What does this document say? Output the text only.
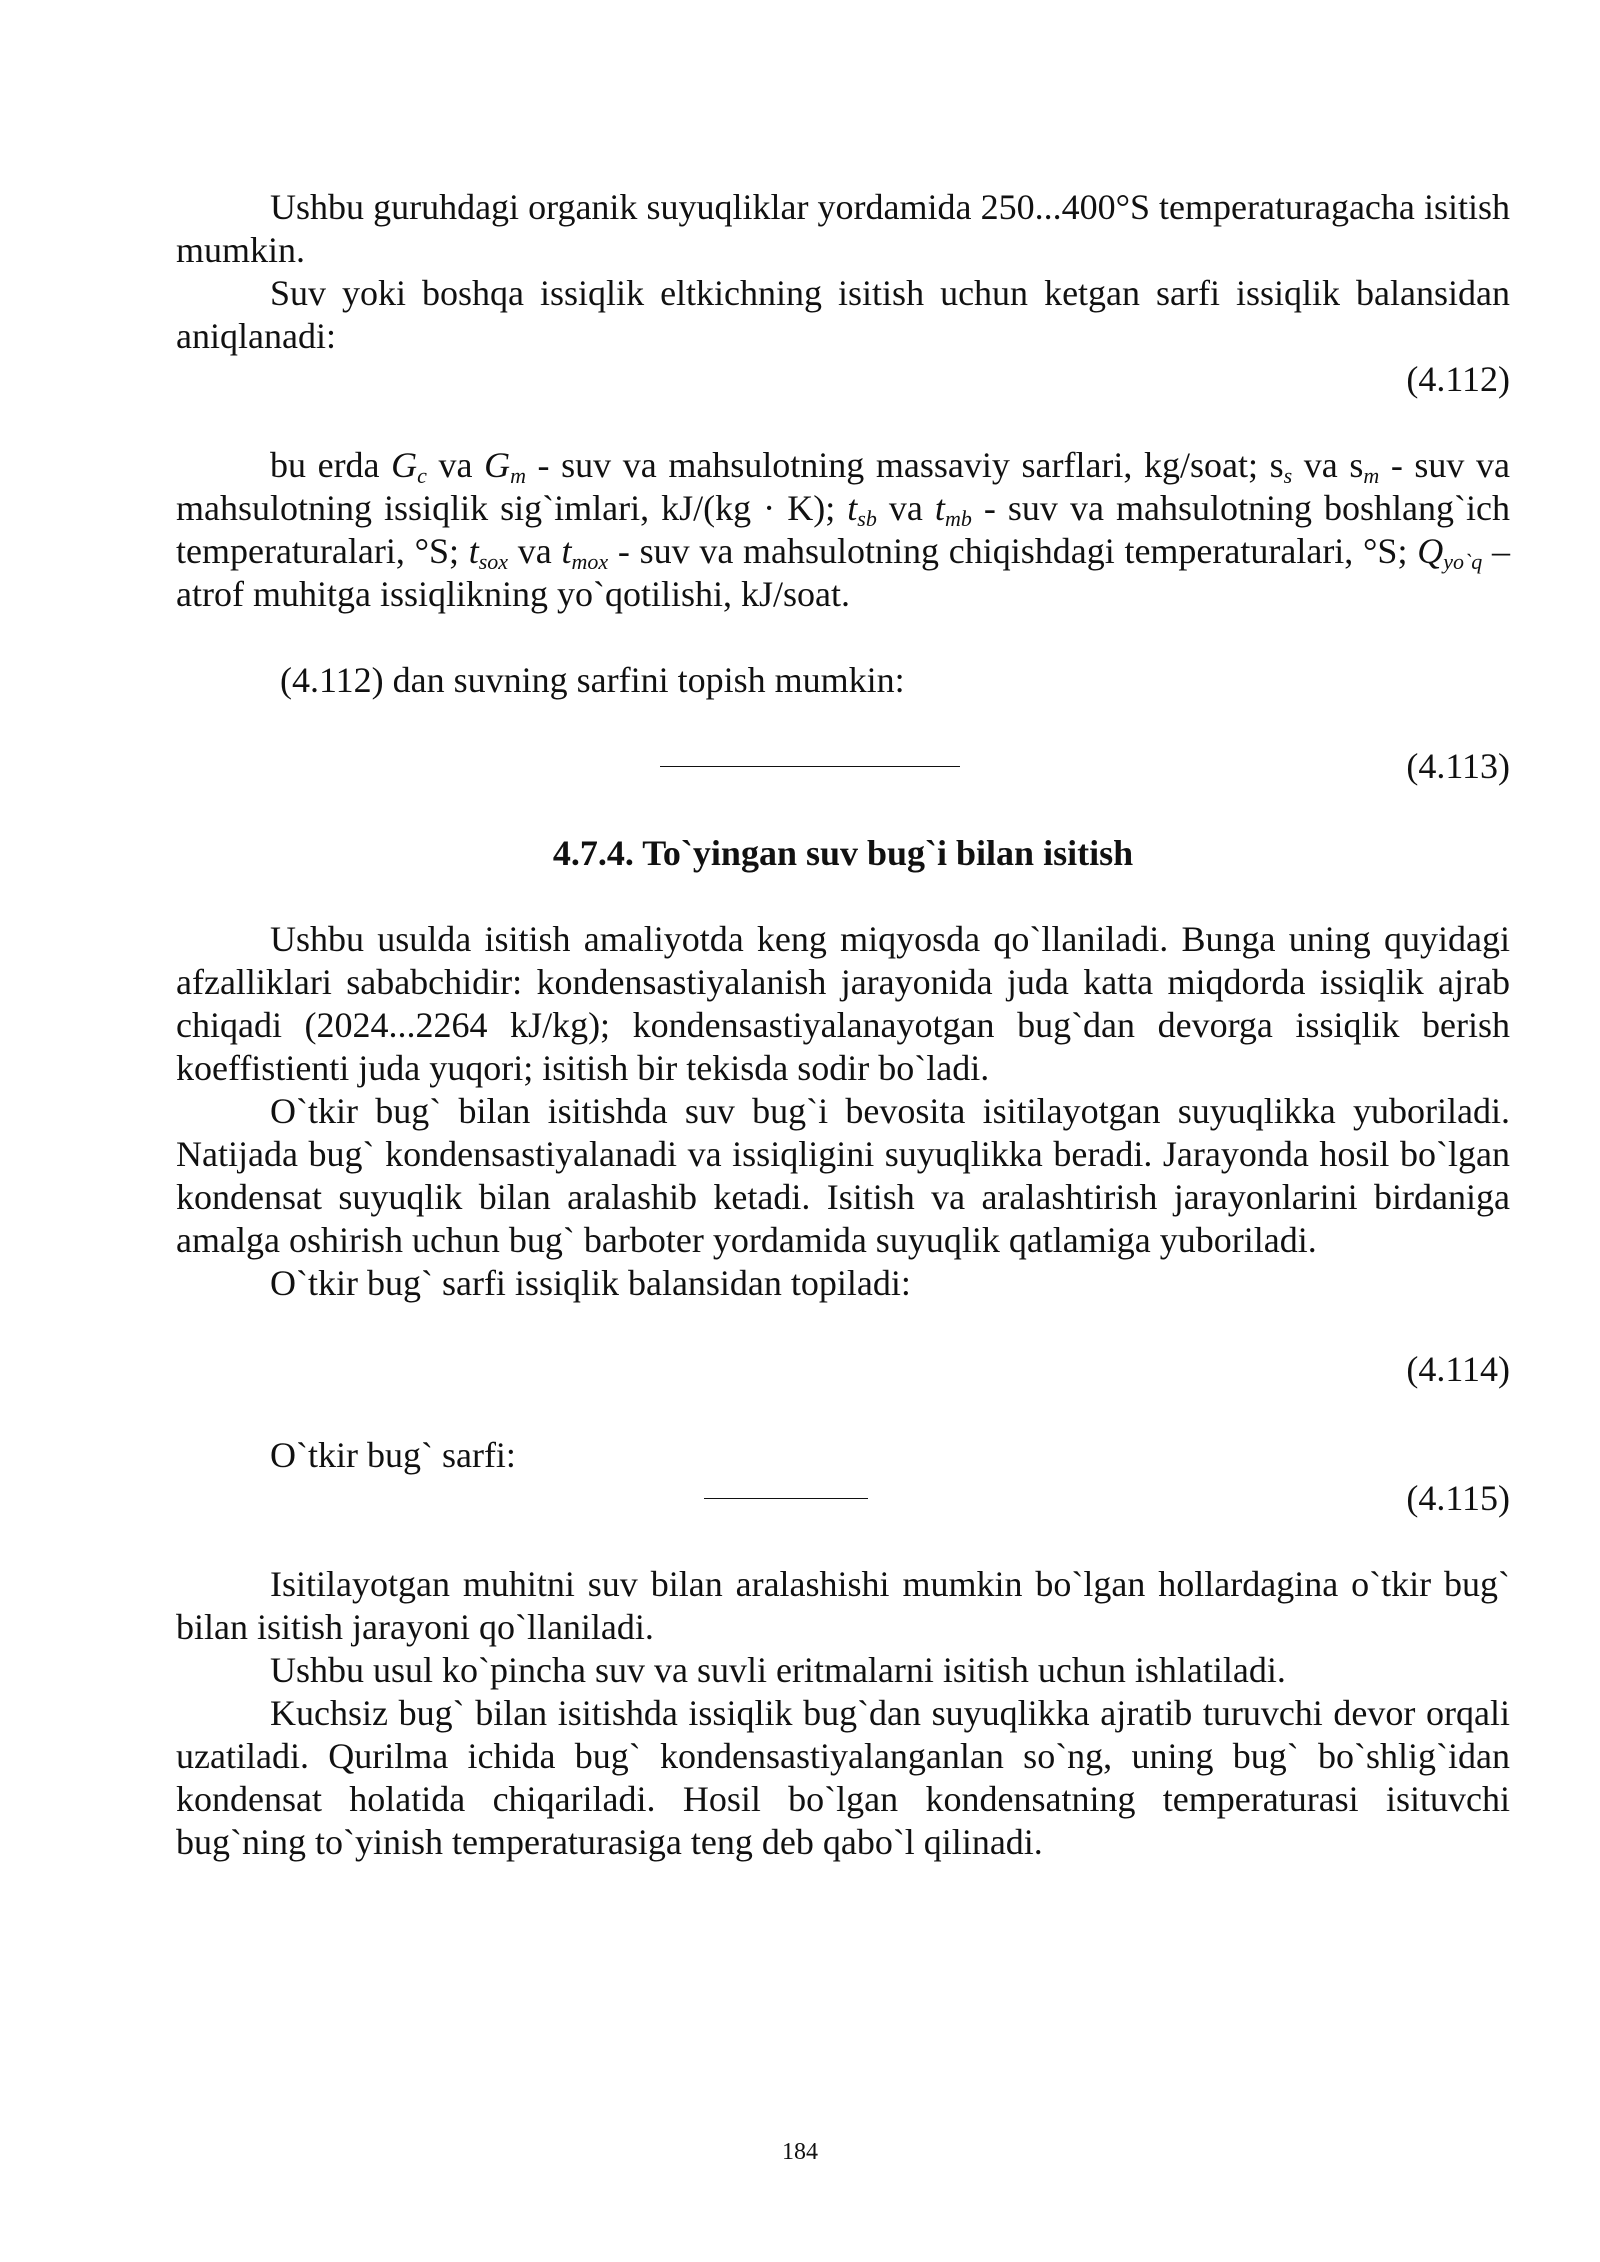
Ushbu guruhdagi organik suyuqliklar yordamida 250...400°S temperaturagacha isitish mumkin.

Suv yoki boshqa issiqlik eltkichning isitish uchun ketgan sarfi issiqlik balansidan aniqlanadi:

(4.112)

bu erda $G_c$ va $G_m$ - suv va mahsulotning massaviy sarflari, kg/soat; $s_s$ va $s_m$ - suv va mahsulotning issiqlik sig`imlari, kJ/(kg · K); $t_{sb}$ va $t_{mb}$ - suv va mahsulotning boshlang`ich temperaturalari, °S; $t_{sox}$ va $t_{mox}$ - suv va mahsulotning chiqishdagi temperaturalari, °S; $Q_{yo`q}$ – atrof muhitga issiqlikning yo`qotilishi, kJ/soat.

(4.112) dan suvning sarfini topish mumkin:

(4.113)

4.7.4. To`yingan suv bug`i bilan isitish

Ushbu usulda isitish amaliyotda keng miqyosda qo`llaniladi. Bunga uning quyidagi afzalliklari sababchidir: kondensastiyalanish jarayonida juda katta miqdorda issiqlik ajrab chiqadi (2024...2264 kJ/kg); kondensastiyalanayotgan bug`dan devorga issiqlik berish koeffistienti juda yuqori; isitish bir tekisda sodir bo`ladi.

O`tkir bug` bilan isitishda suv bug`i bevosita isitilayotgan suyuqlikka yuboriladi. Natijada bug` kondensastiyalanadi va issiqligini suyuqlikka beradi. Jarayonda hosil bo`lgan kondensat suyuqlik bilan aralashib ketadi. Isitish va aralashtirish jarayonlarini birdaniga amalga oshirish uchun bug` barboter yordamida suyuqlik qatlamiga yuboriladi.

O`tkir bug` sarfi issiqlik balansidan topiladi:

(4.114)

O`tkir bug` sarfi:

(4.115)

Isitilayotgan muhitni suv bilan aralashishi mumkin bo`lgan hollardagina o`tkir bug` bilan isitish jarayoni qo`llaniladi.

Ushbu usul ko`pincha suv va suvli eritmalarni isitish uchun ishlatiladi.

Kuchsiz bug` bilan isitishda issiqlik bug`dan suyuqlikka ajratib turuvchi devor orqali uzatiladi. Qurilma ichida bug` kondensastiyalanganlan so`ng, uning bug` bo`shlig`idan kondensat holatida chiqariladi. Hosil bo`lgan kondensatning temperaturasi isituvchi bug`ning to`yinish temperaturasiga teng deb qabo`l qilinadi.

184
